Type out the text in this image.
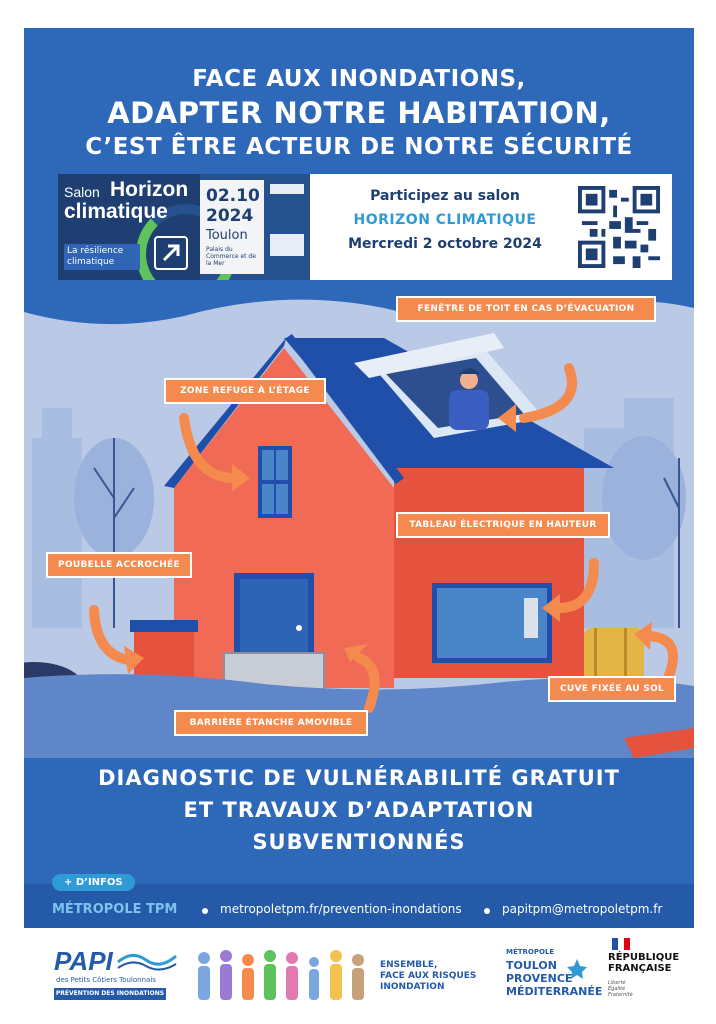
FACE AUX INONDATIONS,
ADAPTER NOTRE HABITATION,
C’EST ÊTRE ACTEUR DE NOTRE SÉCURITÉ
Salon Horizon
climatique
La résilience climatique
02.10
2024
Toulon
Palais du Commerce et de la Mer
Participez au salon
HORIZON CLIMATIQUE
Mercredi 2 octobre 2024
FENÊTRE DE TOIT EN CAS D’ÉVACUATION
ZONE REFUGE À L’ÉTAGE
TABLEAU ÉLECTRIQUE EN HAUTEUR
POUBELLE ACCROCHÉE
CUVE FIXÉE AU SOL
BARRIÈRE ÉTANCHE AMOVIBLE
DIAGNOSTIC DE VULNÉRABILITÉ GRATUIT
ET TRAVAUX D’ADAPTATION
SUBVENTIONNÉS
+ D’INFOS
MÉTROPOLE TPM	metropoletpm.fr/prevention-inondations	papitpm@metropoletpm.fr
PAPI
des Petits Côtiers Toulonnais
PRÉVENTION DES INONDATIONS
ENSEMBLE,
FACE AUX RISQUES
INONDATION
MÉTROPOLE
TOULON
PROVENCE
MÉDITERRANÉE
RÉPUBLIQUE
FRANÇAISE
Liberté
Égalité
Fraternité
